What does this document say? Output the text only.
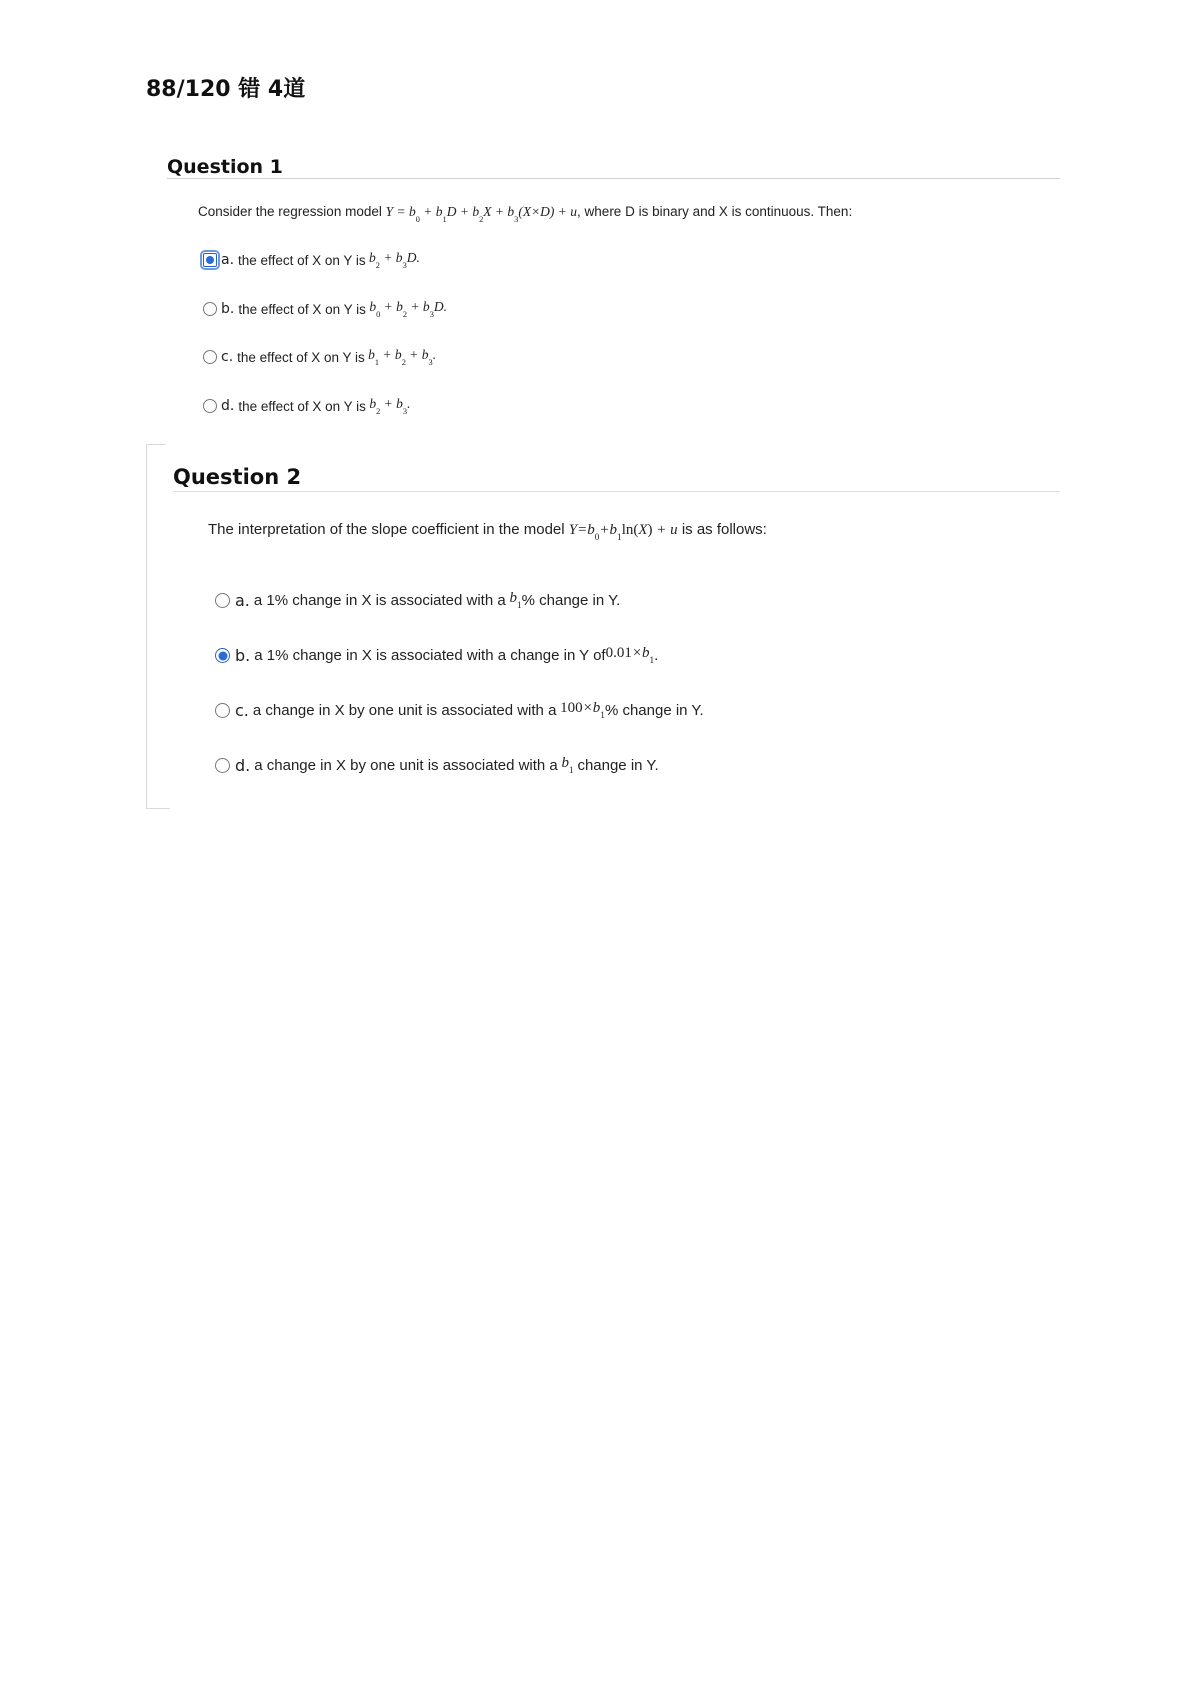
88/120 错 4道
Question 1
Consider the regression model $Y = b_0 + b_1D + b_2X + b_3(X\times D) + u$, where D is binary and X is continuous. Then:
a. the effect of X on Y is $b_2 + b_3D$.
b. the effect of X on Y is $b_0 + b_2 + b_3D$.
c. the effect of X on Y is $b_1 + b_2 + b_3$.
d. the effect of X on Y is $b_2 + b_3$.
Question 2
The interpretation of the slope coefficient in the model $Y=b_0+b_1\ln(X) + u$ is as follows:
a. a 1% change in X is associated with a $b_1$ % change in Y.
b. a 1% change in X is associated with a change in Y of $0.01\times b_1$ .
c. a change in X by one unit is associated with a $100\times b_1$ % change in Y.
d. a change in X by one unit is associated with a $b_1$ change in Y.
